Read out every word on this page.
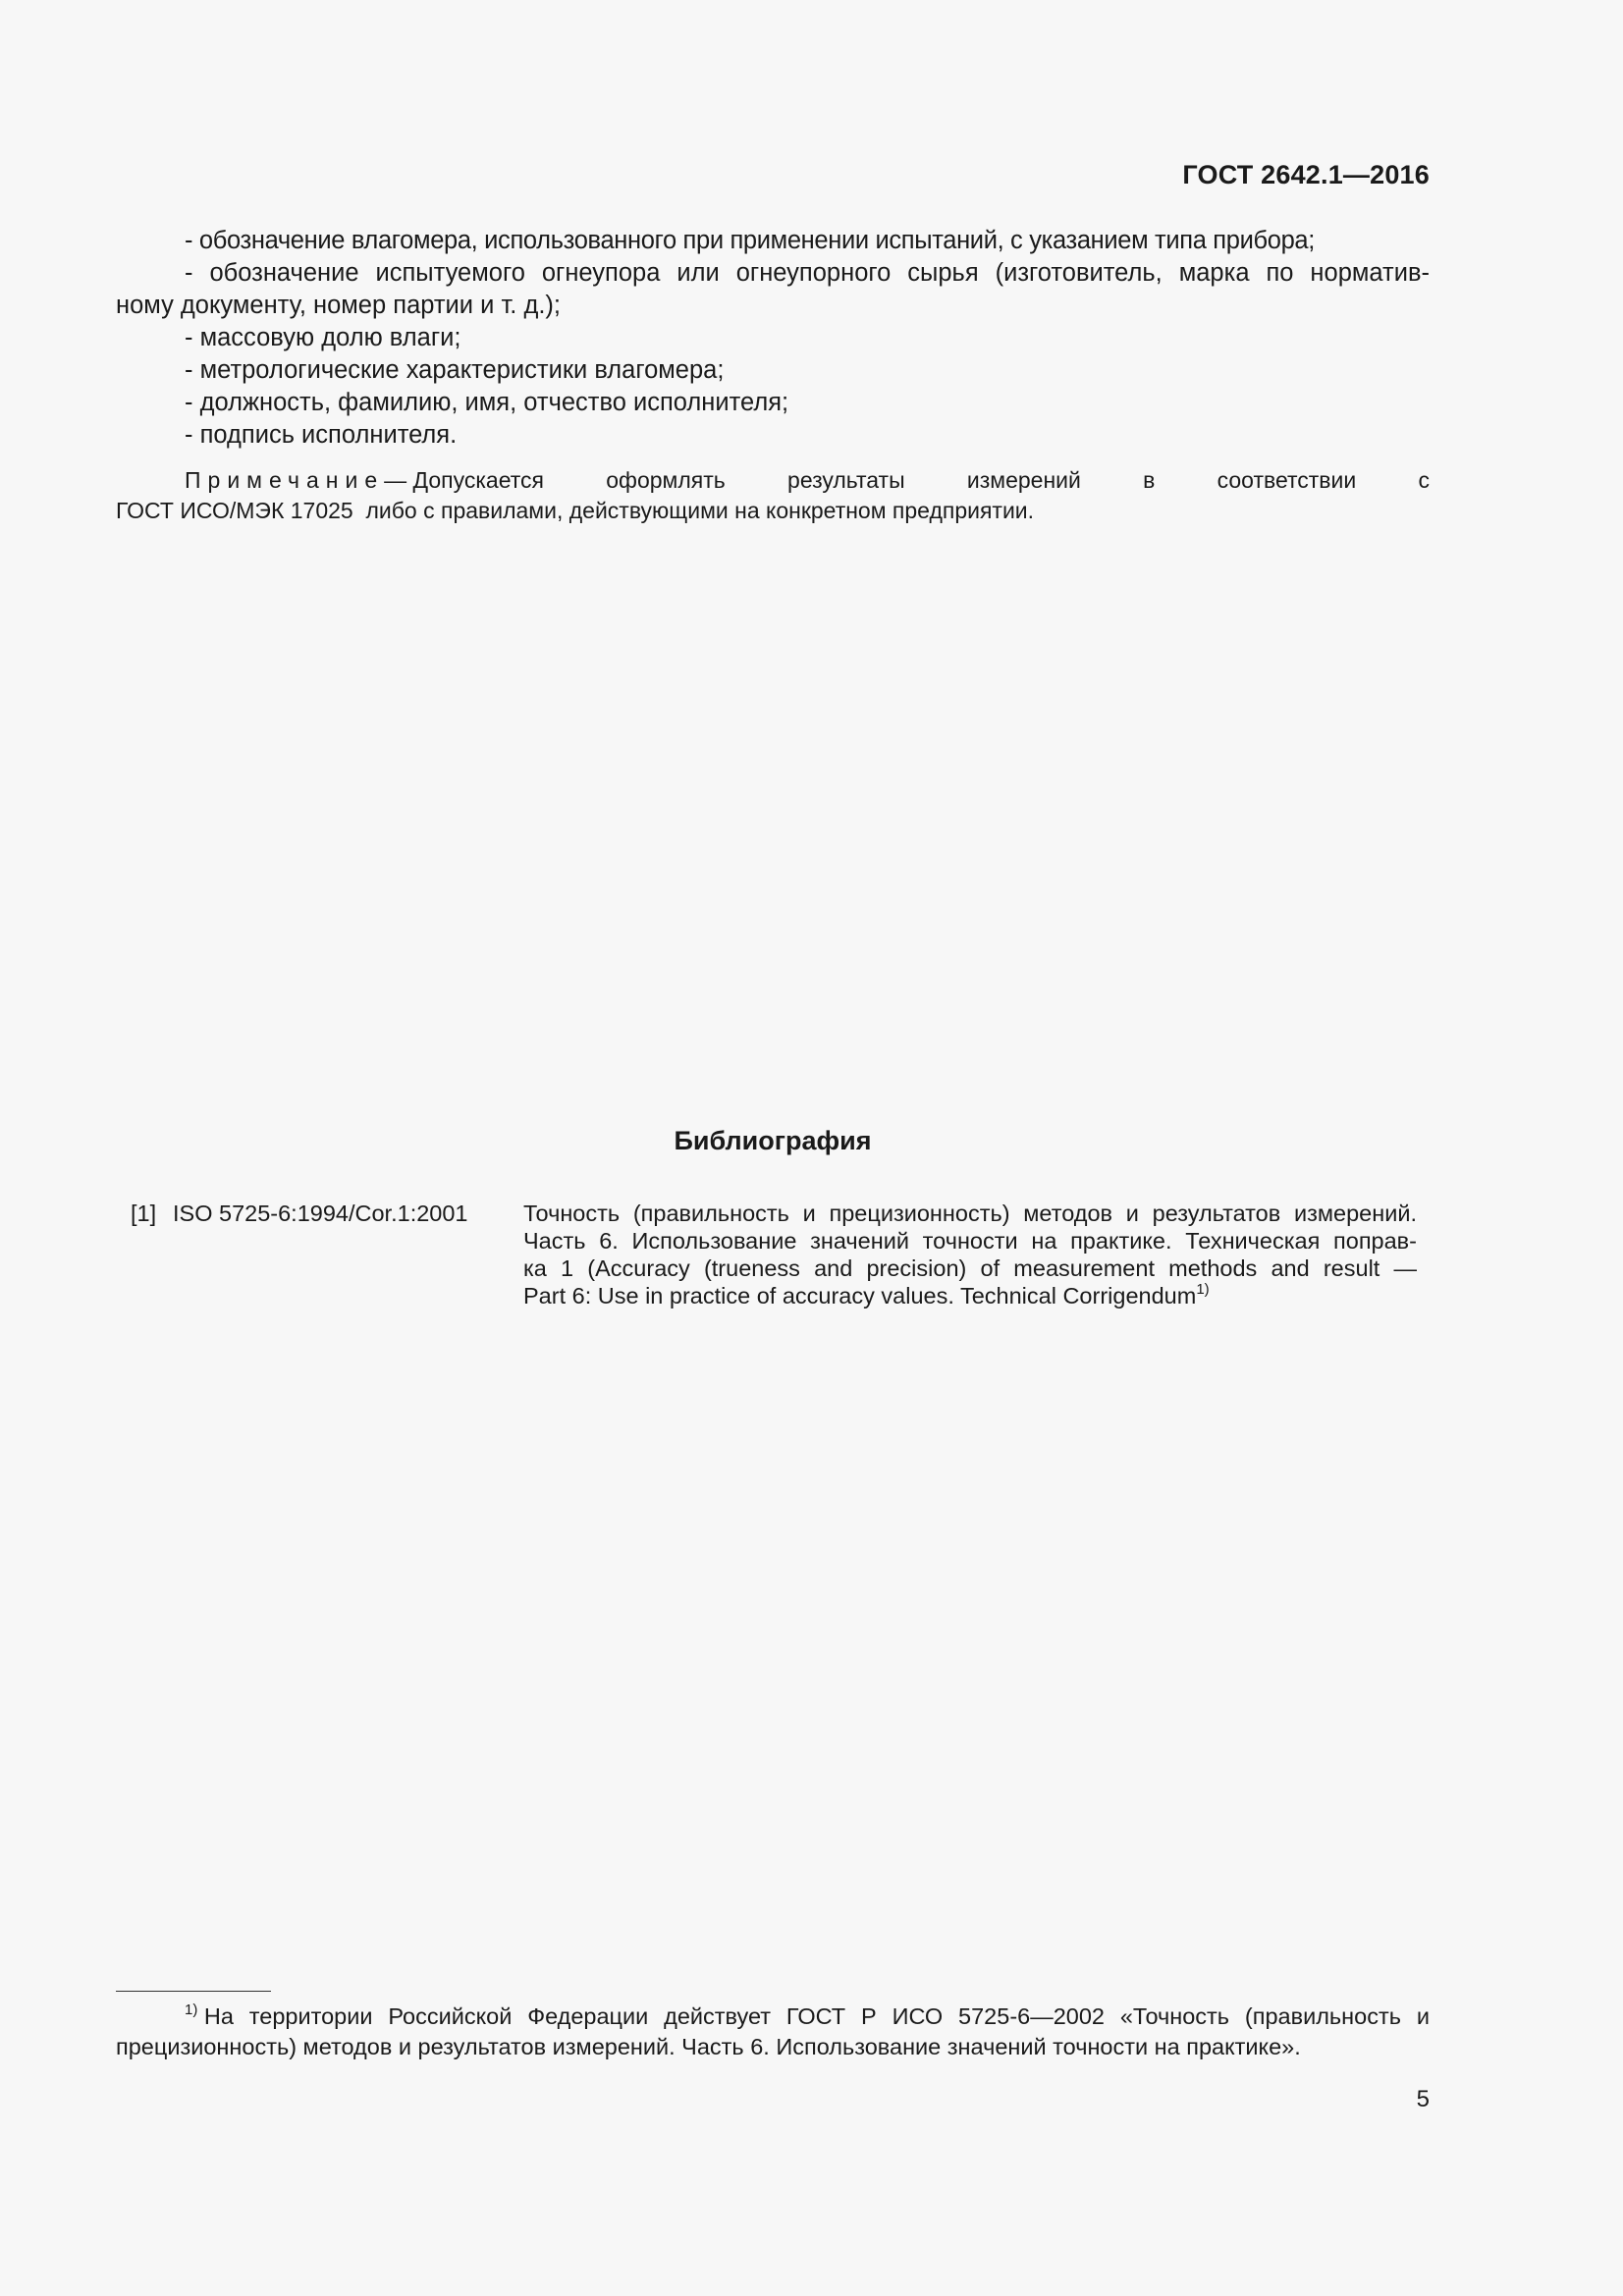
ГОСТ 2642.1—2016

- обозначение влагомера, использованного при применении испытаний, с указанием типа прибора;

- обозначение испытуемого огнеупора или огнеупорного сырья (изготовитель, марка по норматив-

ному документу, номер партии и т. д.);

- массовую долю влаги;

- метрологические характеристики влагомера;

- должность, фамилию, имя, отчество исполнителя;

- подпись исполнителя.

Примечание— Допускается	оформлять	результаты	измерений	в	соответствии	с
ГОСТ ИСО/МЭК 17025  либо с правилами, действующими на конкретном предприятии.
Библиография
[1] ISO 5725-6:1994/Cor.1:2001 Точность (правильность и прецизионность) методов и результатов измерений.

Часть 6. Использование значений точности на практике. Техническая поправ-

ка 1 (Accuracy (trueness and precision) of measurement methods and result —

Part 6: Use in practice of accuracy values. Technical Corrigendum$^{1)}$

$^{1)}$ На территории Российской Федерации действует ГОСТ Р ИСО 5725-6—2002 «Точность (правильность и
прецизионность) методов и результатов измерений. Часть 6. Использование значений точности на практике».
5
